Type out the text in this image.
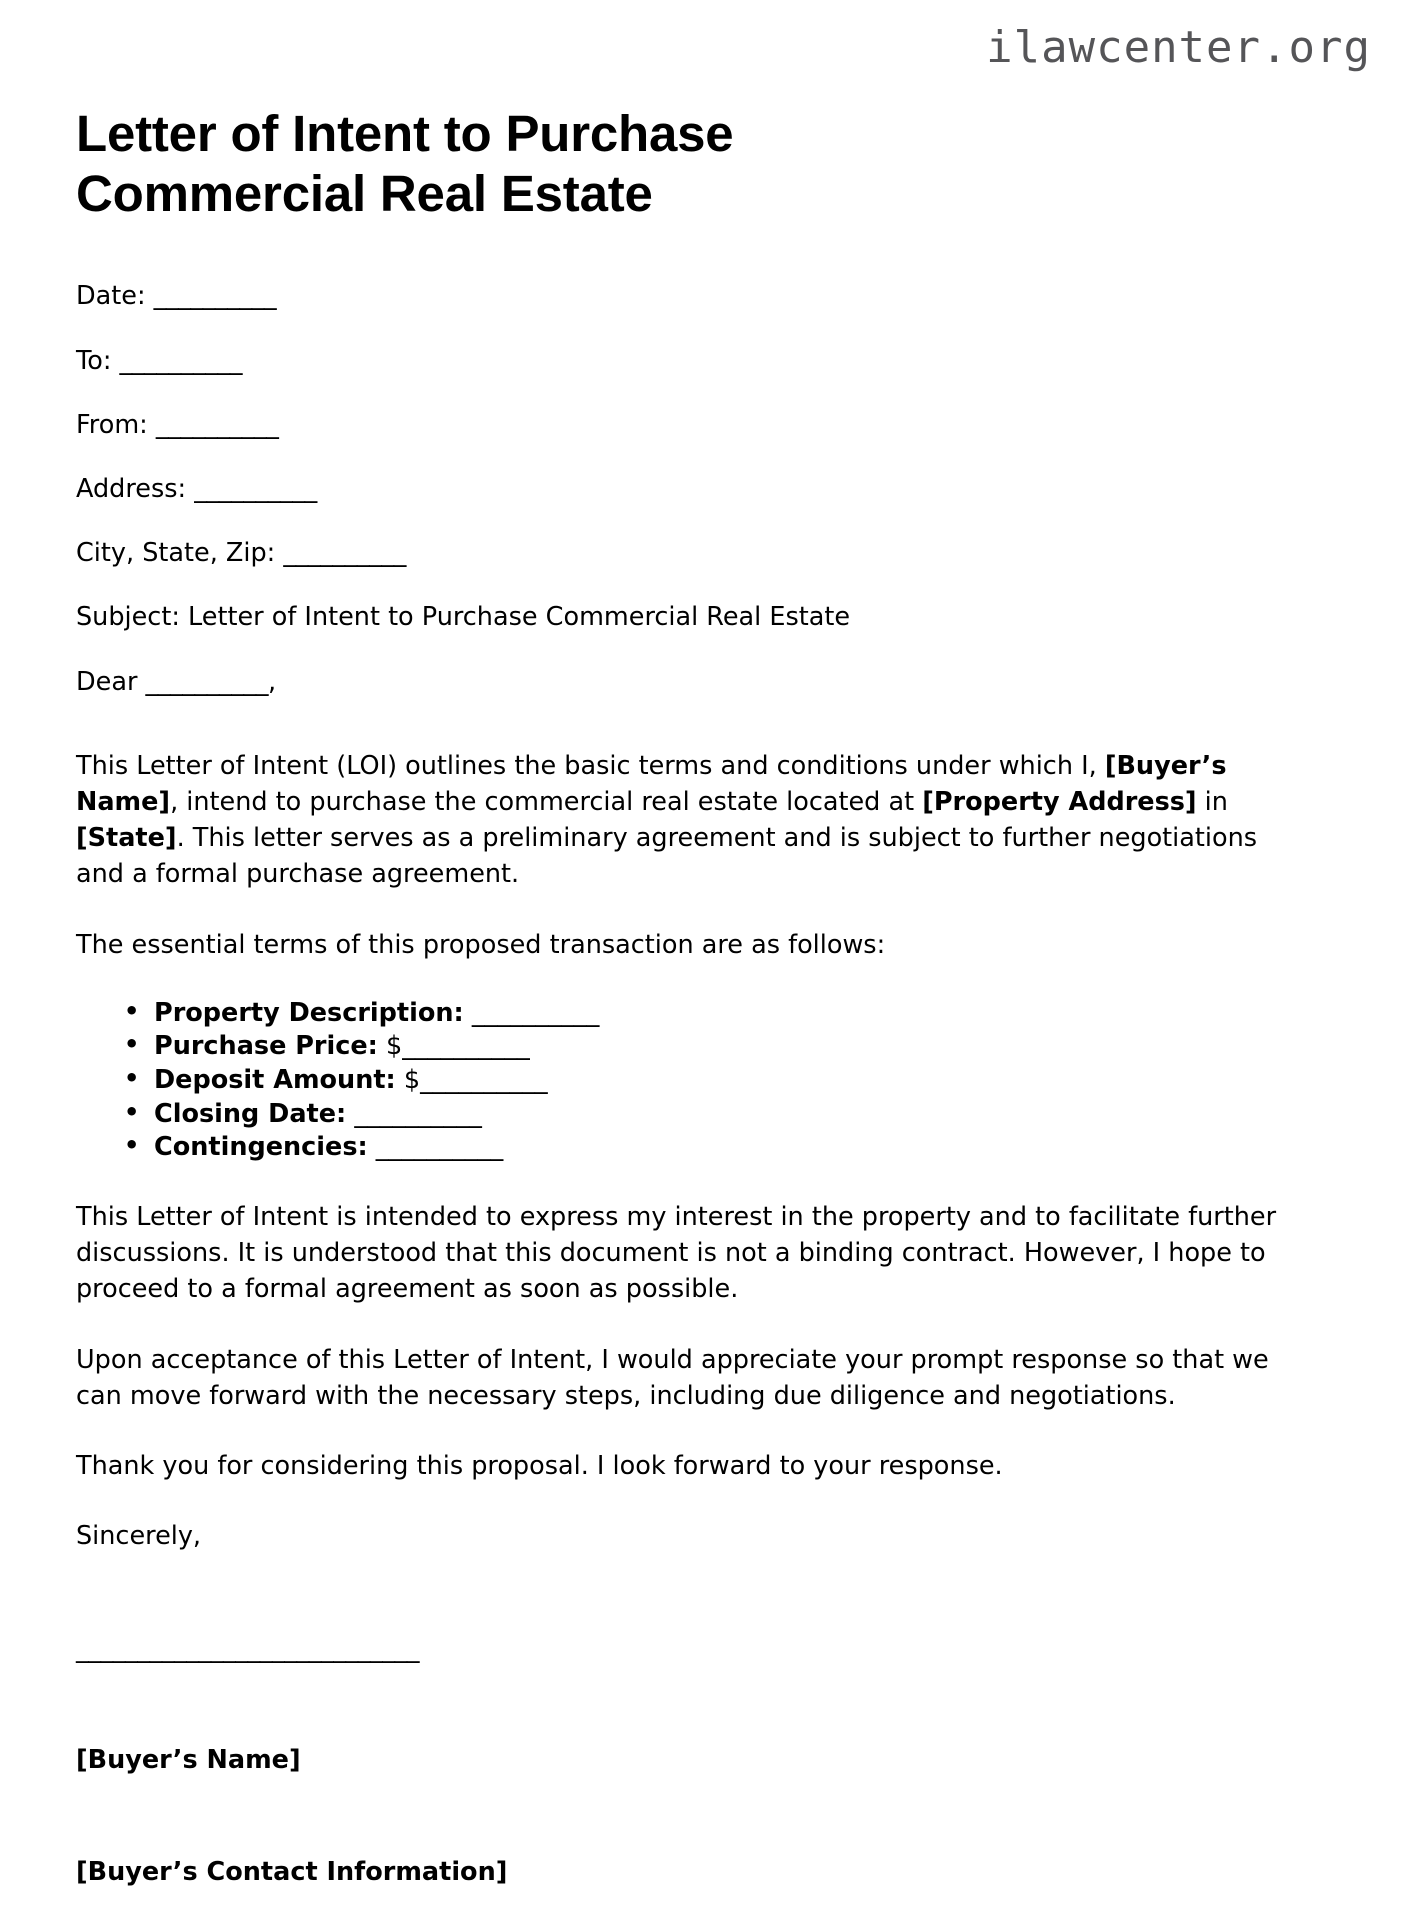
ilawcenter.org
Letter of Intent to Purchase Commercial Real Estate

Date: __________

To: __________

From: __________

Address: __________

City, State, Zip: __________

Subject: Letter of Intent to Purchase Commercial Real Estate

Dear __________,

This Letter of Intent (LOI) outlines the basic terms and conditions under which I, [Buyer’s Name], intend to purchase the commercial real estate located at [Property Address] in [State]. This letter serves as a preliminary agreement and is subject to further negotiations and a formal purchase agreement.

The essential terms of this proposed transaction are as follows:

• Property Description: __________
• Purchase Price: $__________
• Deposit Amount: $__________
• Closing Date: __________
• Contingencies: __________

This Letter of Intent is intended to express my interest in the property and to facilitate further discussions. It is understood that this document is not a binding contract. However, I hope to proceed to a formal agreement as soon as possible.

Upon acceptance of this Letter of Intent, I would appreciate your prompt response so that we can move forward with the necessary steps, including due diligence and negotiations.

Thank you for considering this proposal. I look forward to your response.

Sincerely,

____________________________

[Buyer’s Name]

[Buyer’s Contact Information]
